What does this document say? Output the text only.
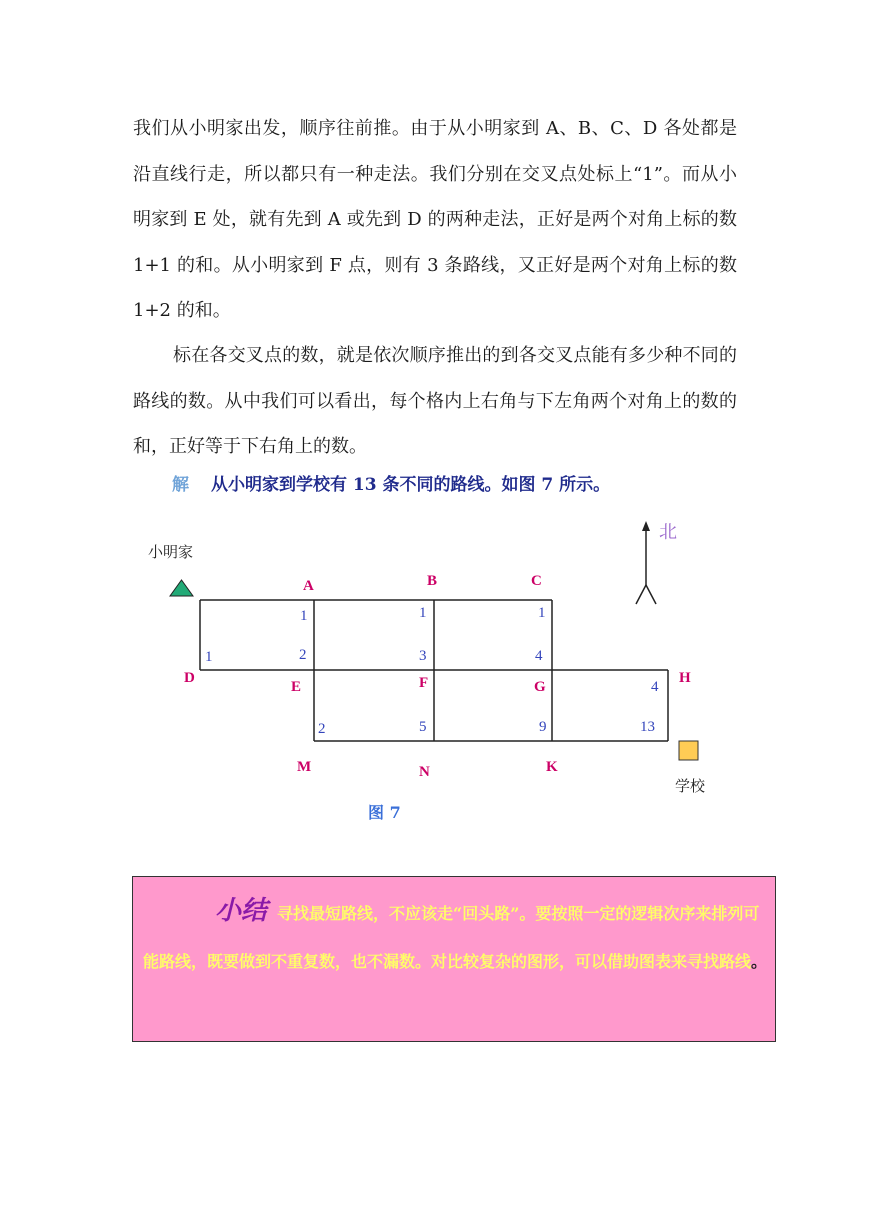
我们从小明家出发，顺序往前推。由于从小明家到 A、B、C、D 各处都是沿直线行走，所以都只有一种走法。我们分别在交叉点处标上“1”。而从小明家到 E 处，就有先到 A 或先到 D 的两种走法，正好是两个对角上标的数 1+1 的和。从小明家到 F 点，则有 3 条路线，又正好是两个对角上标的数 1+2 的和。

标在各交叉点的数，就是依次顺序推出的到各交叉点能有多少种不同的路线的数。从中我们可以看出，每个格内上右角与下左角两个对角上的数的和，正好等于下右角上的数。

解 从小明家到学校有 13 条不同的路线。如图 7 所示。
小明家
学校
北
A	B	C
D
E	F	G
H
M	N	K
1	1	1
1	2	3	4
4
2	5	9	13
图 7

小结 寻找最短路线，不应该走“回头路”。要按照一定的逻辑次序来排列可能路线，既要做到不重复数，也不漏数。对比较复杂的图形，可以借助图表来寻找路线。
